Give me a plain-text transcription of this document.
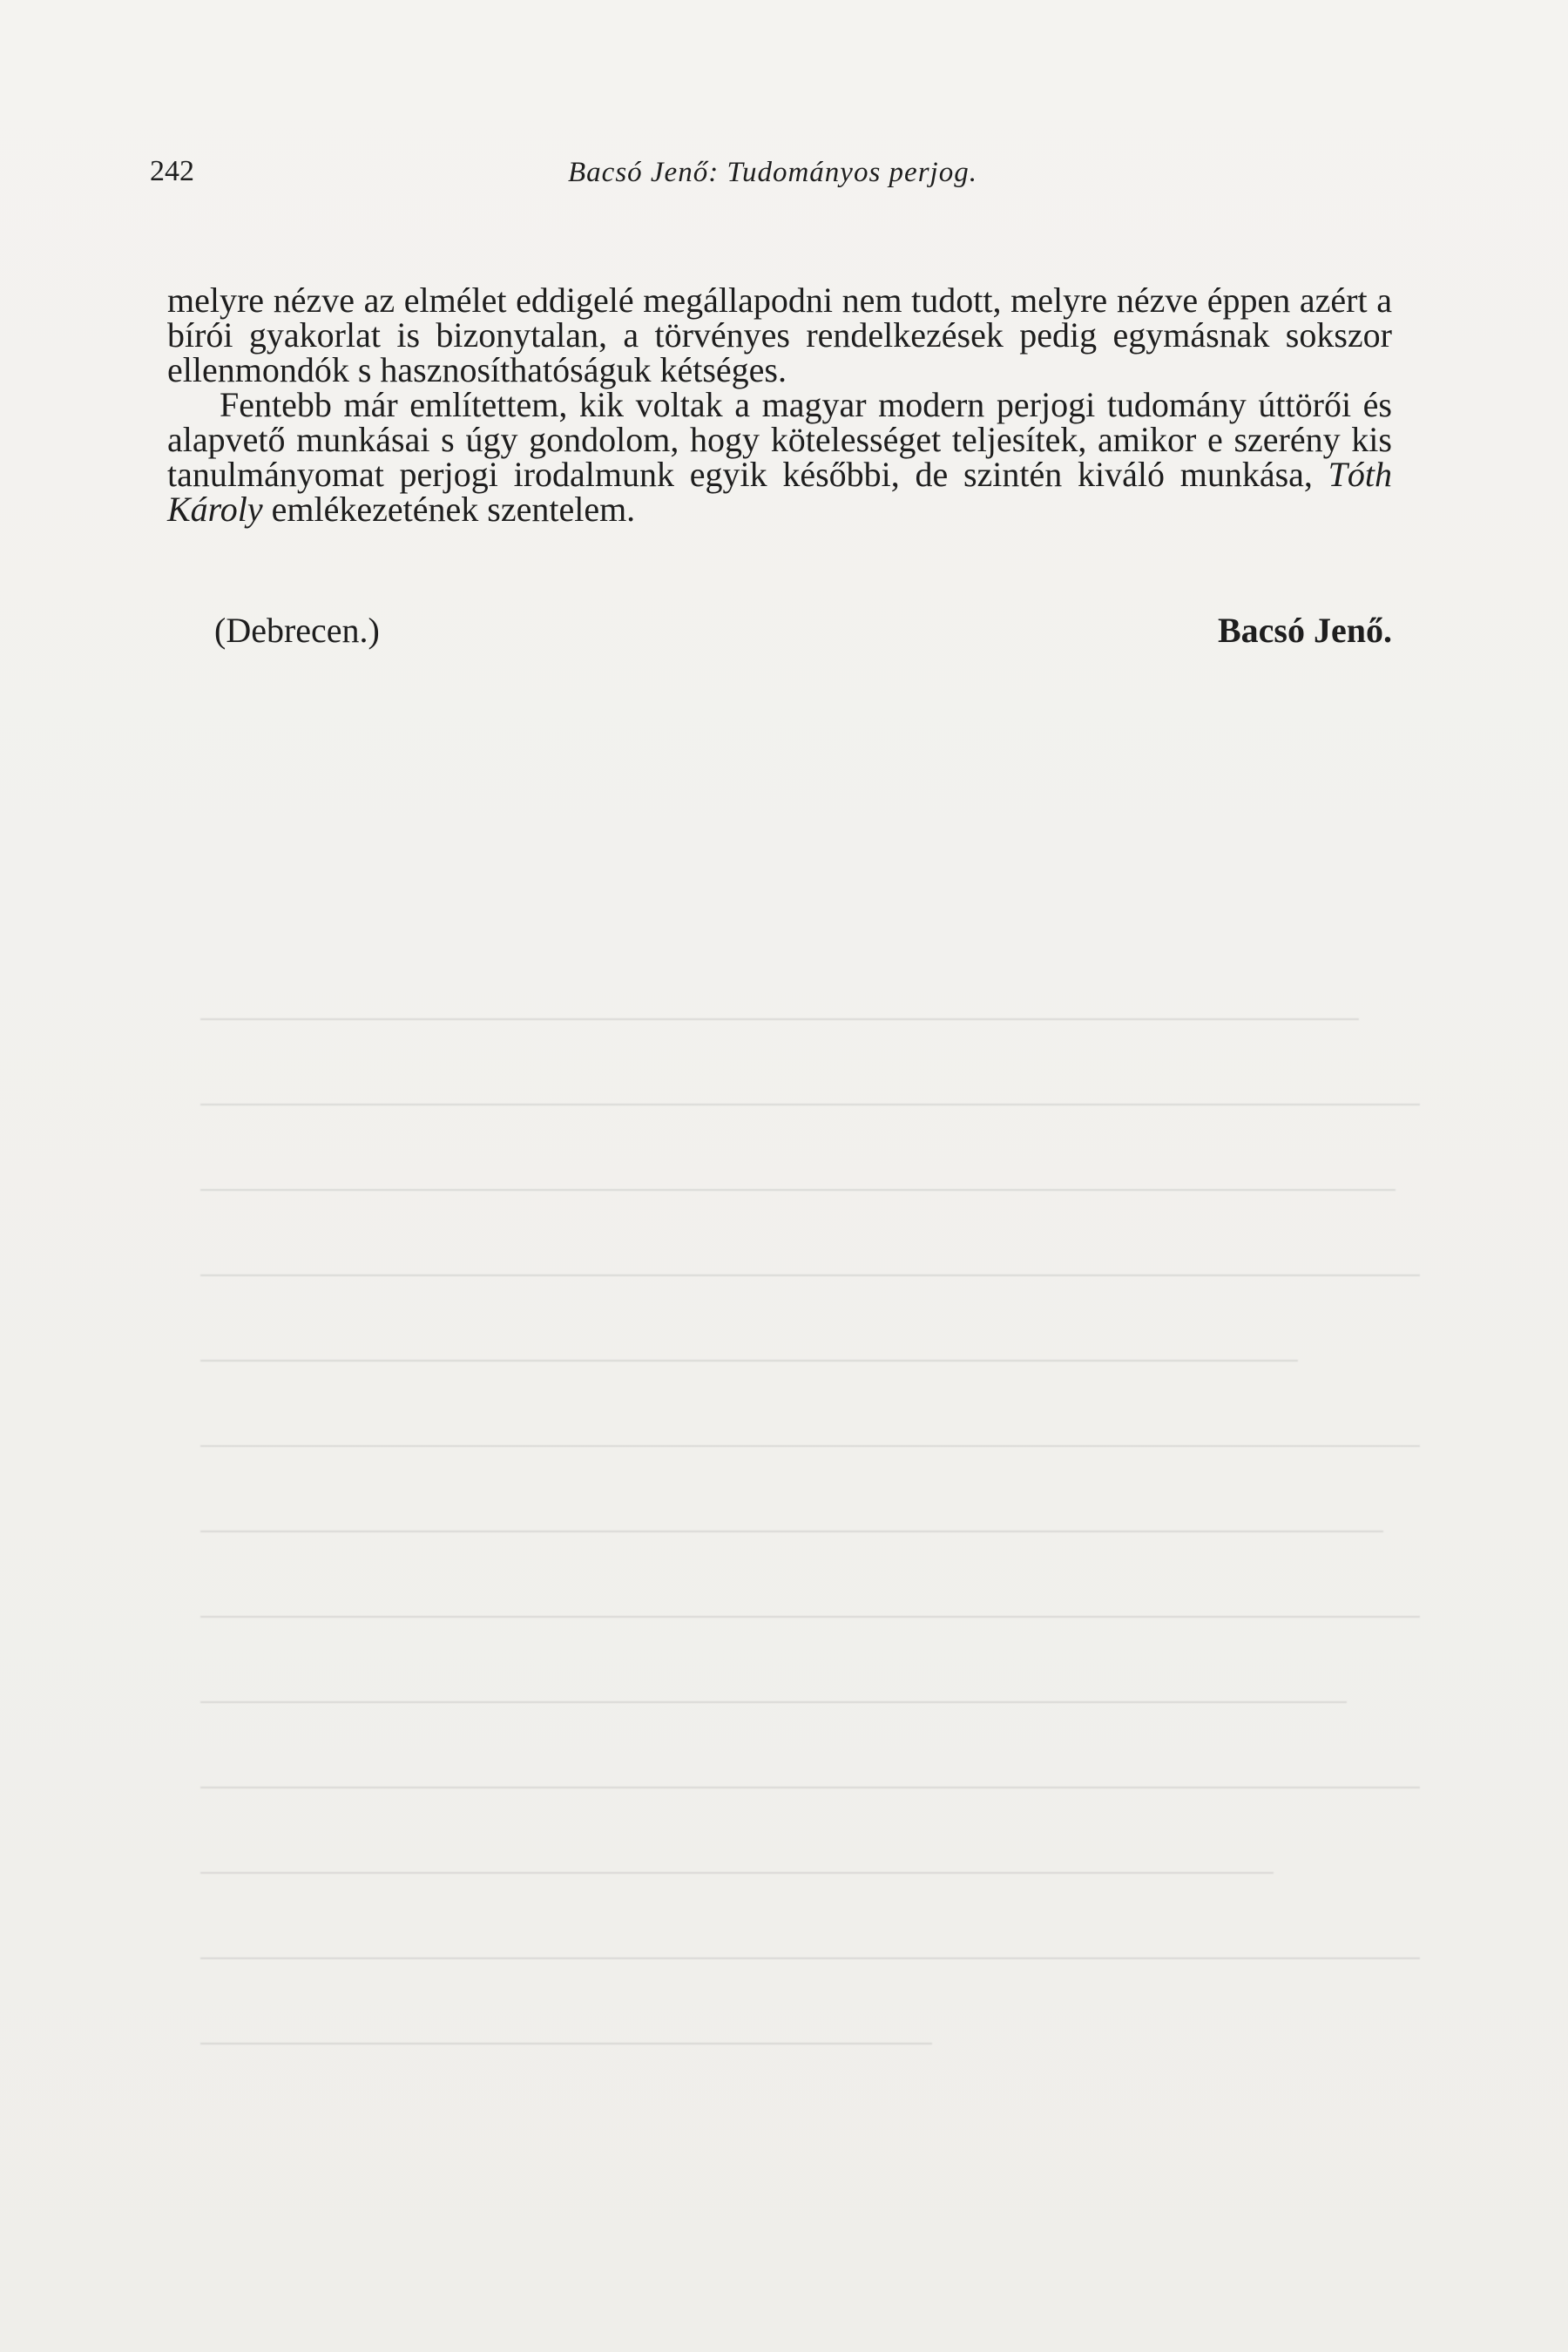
242	Bacsó Jenő: Tudományos perjog.

melyre nézve az elmélet eddigelé megállapodni nem tudott, melyre nézve éppen azért a bírói gyakorlat is bizonytalan, a törvényes rendelkezések pedig egymásnak sokszor ellenmondók s hasznosíthatóságuk kétséges.

Fentebb már említettem, kik voltak a magyar modern perjogi tudomány úttörői és alapvető munkásai s úgy gondolom, hogy kötelességet teljesítek, amikor e szerény kis tanulmányomat perjogi irodalmunk egyik későbbi, de szintén kiváló munkása, Tóth Károly emlékezetének szentelem.

(Debrecen.)	Bacsó Jenő.
